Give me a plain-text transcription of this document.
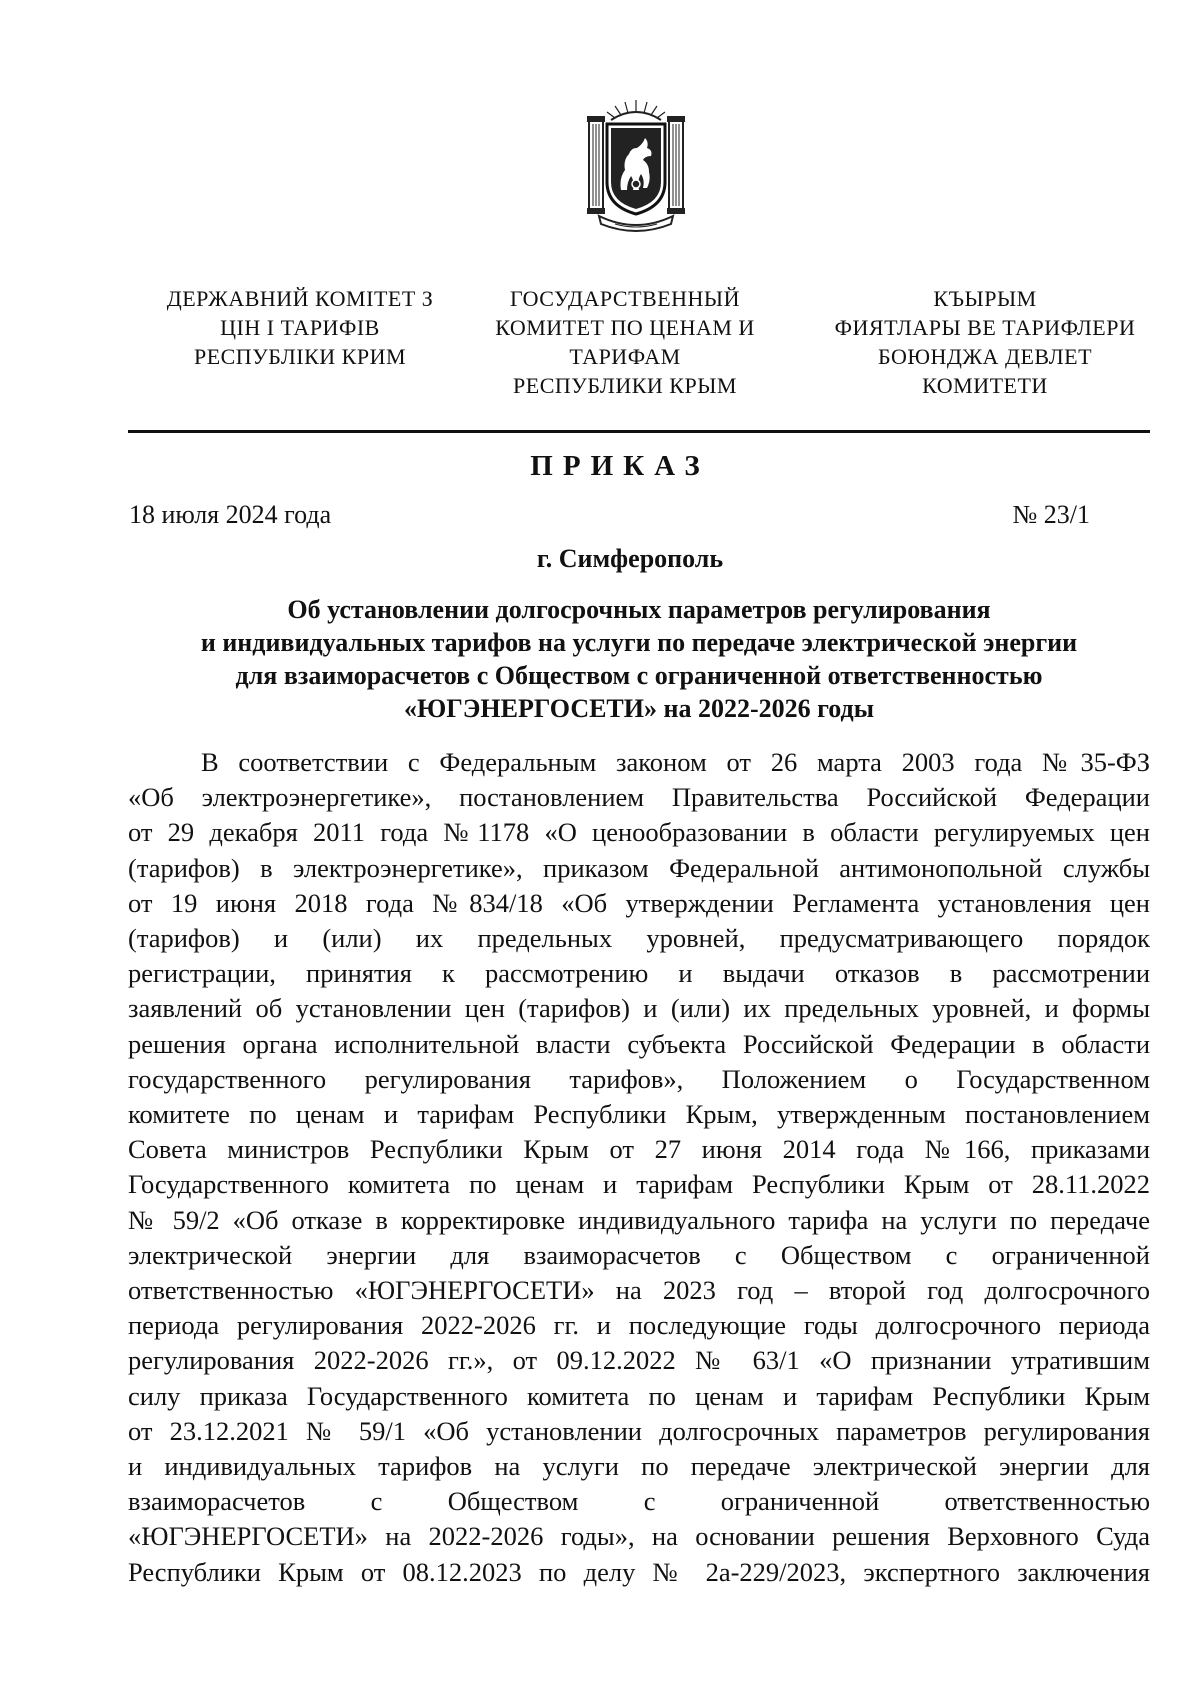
ДЕРЖАВНИЙ КОМІТЕТ З
ЦІН І ТАРИФІВ
РЕСПУБЛІКИ КРИМ
ГОСУДАРСТВЕННЫЙ
КОМИТЕТ ПО ЦЕНАМ И
ТАРИФАМ
РЕСПУБЛИКИ КРЫМ
КЪЫРЫМ
ФИЯТЛАРЫ ВЕ ТАРИФЛЕРИ
БОЮНДЖА ДЕВЛЕТ
КОМИТЕТИ
ПРИКАЗ
18 июля 2024 года	№ 23/1
г. Симферополь
Об установлении долгосрочных параметров регулирования
и индивидуальных тарифов на услуги по передаче электрической энергии
для взаиморасчетов с Обществом с ограниченной ответственностью
«ЮГЭНЕРГОСЕТИ» на 2022-2026 годы
В соответствии с Федеральным законом от 26 марта 2003 года №35-ФЗ
«Об электроэнергетике», постановлением Правительства Российской Федерации
от 29 декабря 2011 года №1178 «О ценообразовании в области регулируемых цен
(тарифов) в электроэнергетике», приказом Федеральной антимонопольной службы
от 19 июня 2018 года №834/18 «Об утверждении Регламента установления цен
(тарифов) и (или) их предельных уровней, предусматривающего порядок
регистрации, принятия к рассмотрению и выдачи отказов в рассмотрении
заявлений об установлении цен (тарифов) и (или) их предельных уровней, и формы
решения органа исполнительной власти субъекта Российской Федерации в области
государственного регулирования тарифов», Положением о Государственном
комитете по ценам и тарифам Республики Крым, утвержденным постановлением
Совета министров Республики Крым от 27 июня 2014 года №166, приказами
Государственного комитета по ценам и тарифам Республики Крым от 28.11.2022
№ 59/2 «Об отказе в корректировке индивидуального тарифа на услуги по передаче
электрической энергии для взаиморасчетов с Обществом с ограниченной
ответственностью «ЮГЭНЕРГОСЕТИ» на 2023 год – второй год долгосрочного
периода регулирования 2022-2026 гг. и последующие годы долгосрочного периода
регулирования 2022-2026 гг.», от 09.12.2022 № 63/1 «О признании утратившим
силу приказа Государственного комитета по ценам и тарифам Республики Крым
от 23.12.2021 № 59/1 «Об установлении долгосрочных параметров регулирования
и индивидуальных тарифов на услуги по передаче электрической энергии для
взаиморасчетов с Обществом с ограниченной ответственностью
«ЮГЭНЕРГОСЕТИ» на 2022-2026 годы», на основании решения Верховного Суда
Республики Крым от 08.12.2023 по делу № 2а-229/2023, экспертного заключения
